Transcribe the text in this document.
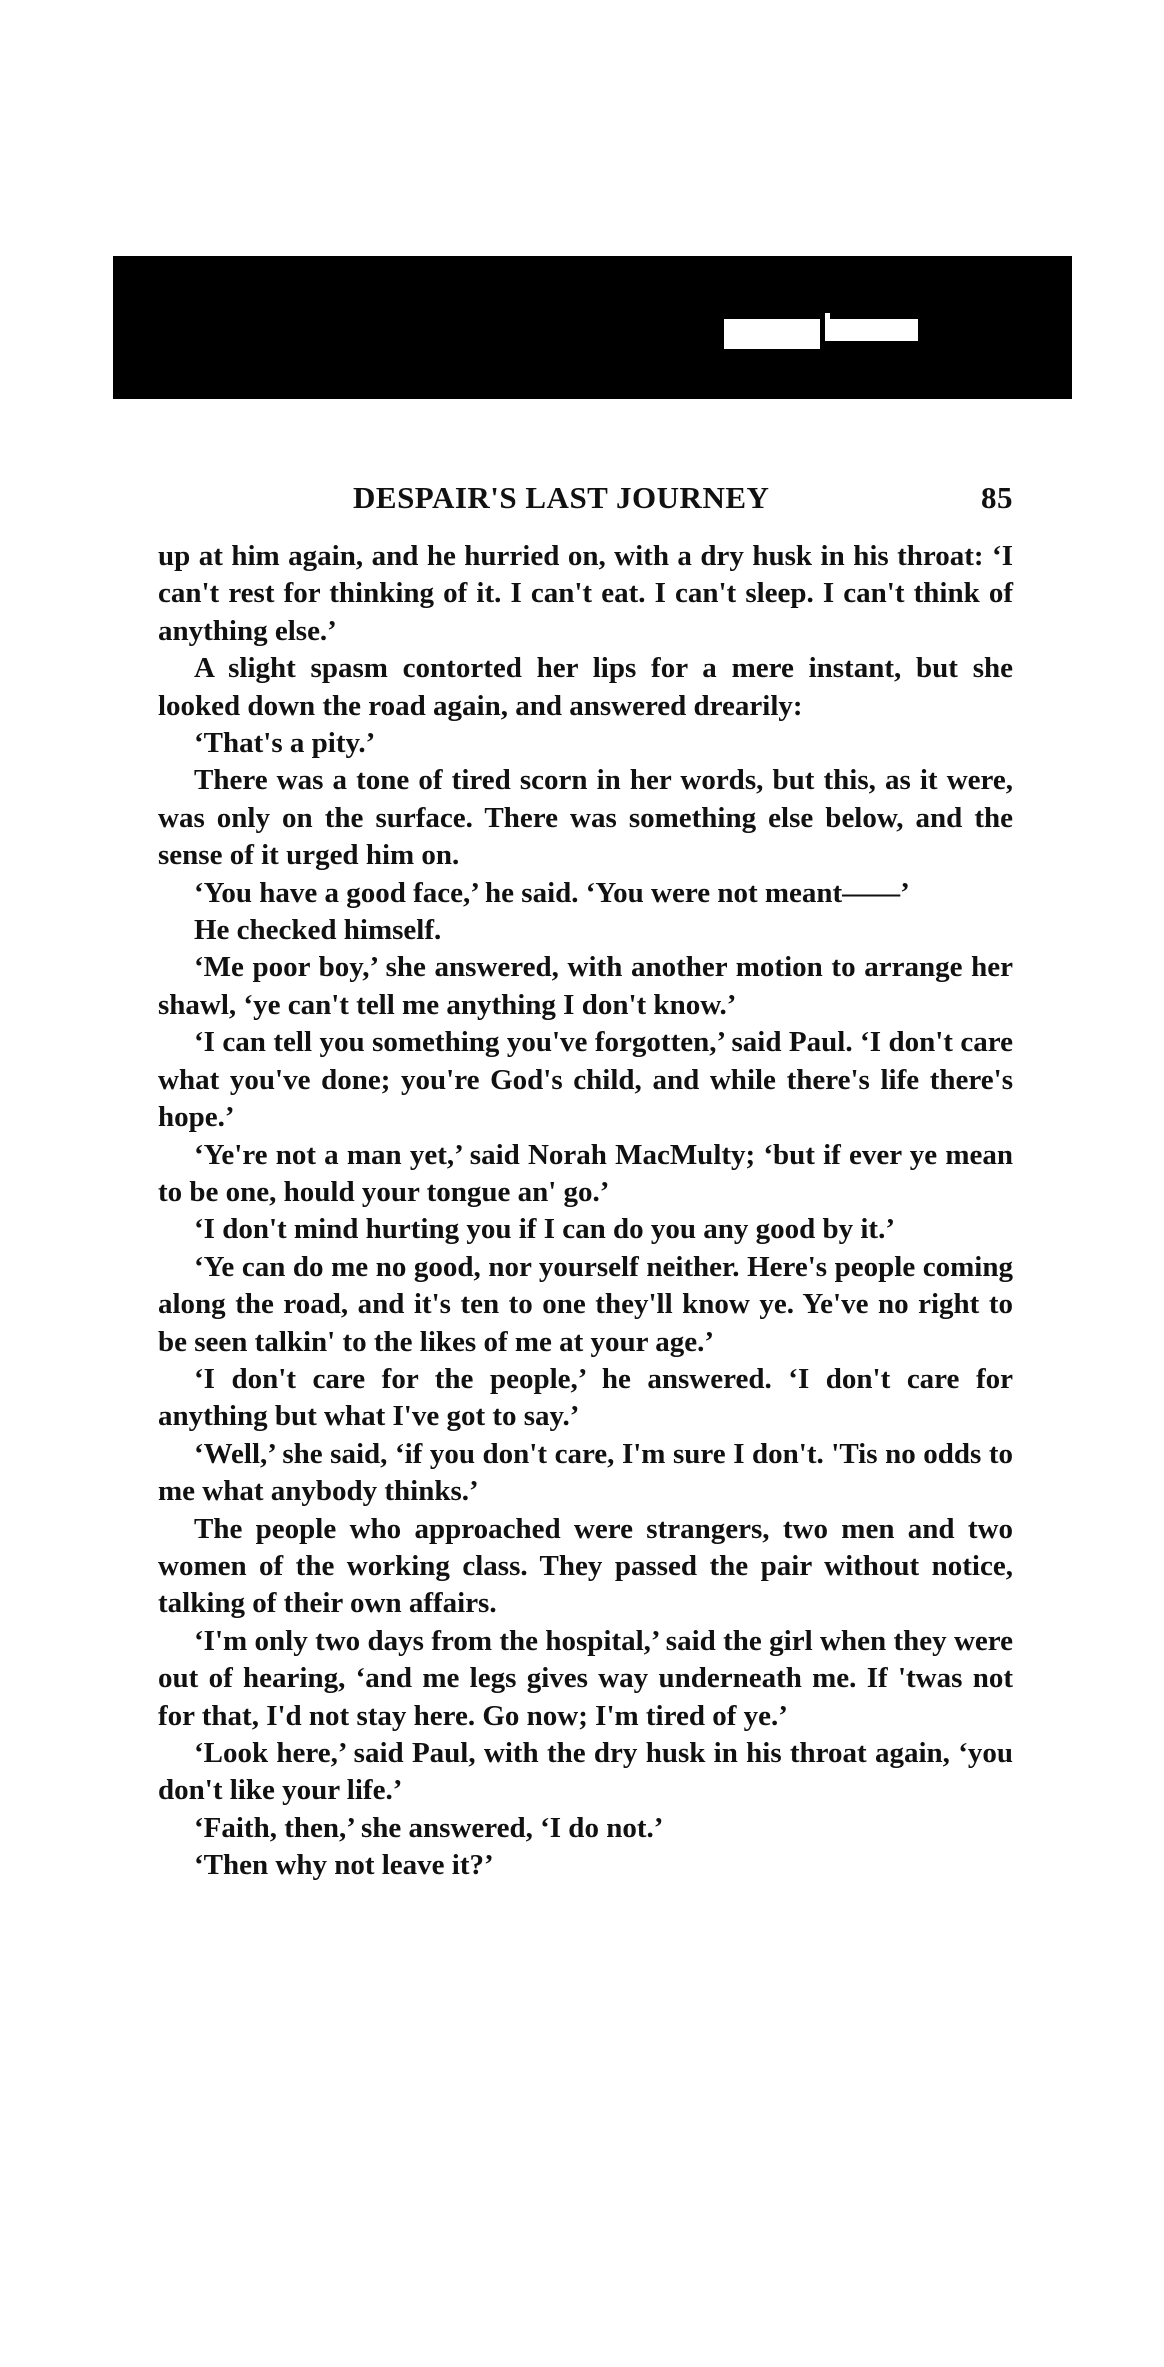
DESPAIR'S LAST JOURNEY	85

up at him again, and he hurried on, with a dry husk in his throat: ‘I can't rest for thinking of it. I can't eat. I can't sleep. I can't think of anything else.’

A slight spasm contorted her lips for a mere instant, but she looked down the road again, and answered drearily:

‘That's a pity.’

There was a tone of tired scorn in her words, but this, as it were, was only on the surface. There was something else below, and the sense of it urged him on.

‘You have a good face,’ he said. ‘You were not meant——’

He checked himself.

‘Me poor boy,’ she answered, with another motion to arrange her shawl, ‘ye can't tell me anything I don't know.’

‘I can tell you something you've forgotten,’ said Paul. ‘I don't care what you've done; you're God's child, and while there's life there's hope.’

‘Ye're not a man yet,’ said Norah MacMulty; ‘but if ever ye mean to be one, hould your tongue an' go.’

‘I don't mind hurting you if I can do you any good by it.’

‘Ye can do me no good, nor yourself neither. Here's people coming along the road, and it's ten to one they'll know ye. Ye've no right to be seen talkin' to the likes of me at your age.’

‘I don't care for the people,’ he answered. ‘I don't care for anything but what I've got to say.’

‘Well,’ she said, ‘if you don't care, I'm sure I don't. 'Tis no odds to me what anybody thinks.’

The people who approached were strangers, two men and two women of the working class. They passed the pair without notice, talking of their own affairs.

‘I'm only two days from the hospital,’ said the girl when they were out of hearing, ‘and me legs gives way underneath me. If 'twas not for that, I'd not stay here. Go now; I'm tired of ye.’

‘Look here,’ said Paul, with the dry husk in his throat again, ‘you don't like your life.’

‘Faith, then,’ she answered, ‘I do not.’

‘Then why not leave it?’
